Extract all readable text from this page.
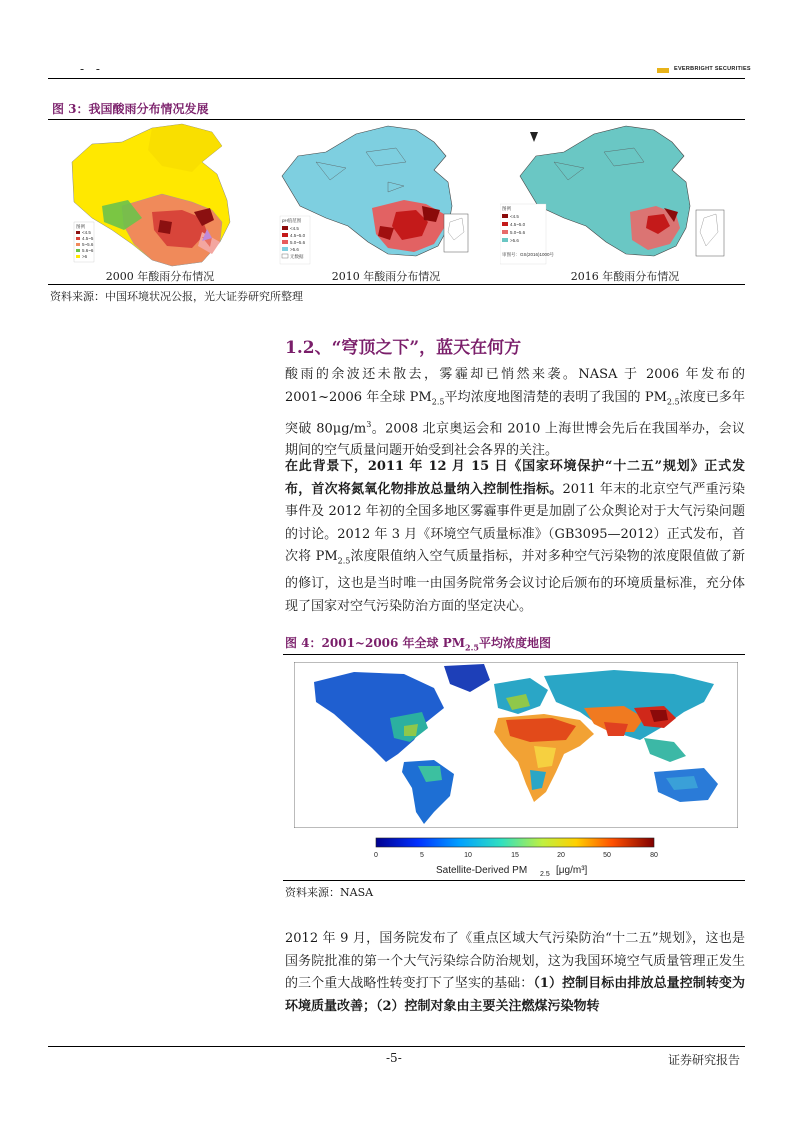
- -	EVERBRIGHT SECURITIES
图 3：我国酸雨分布情况发展
图例
<4.5
4.5~5
5~5.6
5.6~6
>6
pH值范围
<4.5
4.5~5.0
5.0~5.6
>5.6
无数据
图例
<4.5
4.5~5.0
5.0~5.6
>5.6
审图号：GS(2016)1000号
2000 年酸雨分布情况	2010 年酸雨分布情况	2016 年酸雨分布情况
资料来源：中国环境状况公报，光大证券研究所整理
1.2、“穹顶之下”，蓝天在何方
酸雨的余波还未散去，雾霾却已悄然来袭。NASA 于 2006 年发布的 2001~2006 年全球 $PM_{2.5}$平均浓度地图清楚的表明了我国的 $PM_{2.5}$浓度已多年突破 $80\mu g/m^3$。2008 北京奥运会和 2010 上海世博会先后在我国举办，会议期间的空气质量问题开始受到社会各界的关注。
在此背景下，2011 年 12 月 15 日《国家环境保护“十二五”规划》正式发布，首次将氮氧化物排放总量纳入控制性指标。2011 年末的北京空气严重污染事件及 2012 年初的全国多地区雾霾事件更是加剧了公众舆论对于大气污染问题的讨论。2012 年 3 月《环境空气质量标准》（GB3095—2012）正式发布，首次将 $PM_{2.5}$浓度限值纳入空气质量指标，并对多种空气污染物的浓度限值做了新的修订，这也是当时唯一由国务院常务会议讨论后颁布的环境质量标准，充分体现了国家对空气污染防治方面的坚定决心。
图 4：2001~2006 年全球 $PM_{2.5}$平均浓度地图
0	5	10	15	20	50	80
Satellite-Derived PM 2.5 [μg/m³]
资料来源：NASA
2012 年 9 月，国务院发布了《重点区域大气污染防治“十二五”规划》，这也是国务院批准的第一个大气污染综合防治规划，这为我国环境空气质量管理正发生的三个重大战略性转变打下了坚实的基础：（1）控制目标由排放总量控制转变为环境质量改善；（2）控制对象由主要关注燃煤污染物转
-5-	证券研究报告
